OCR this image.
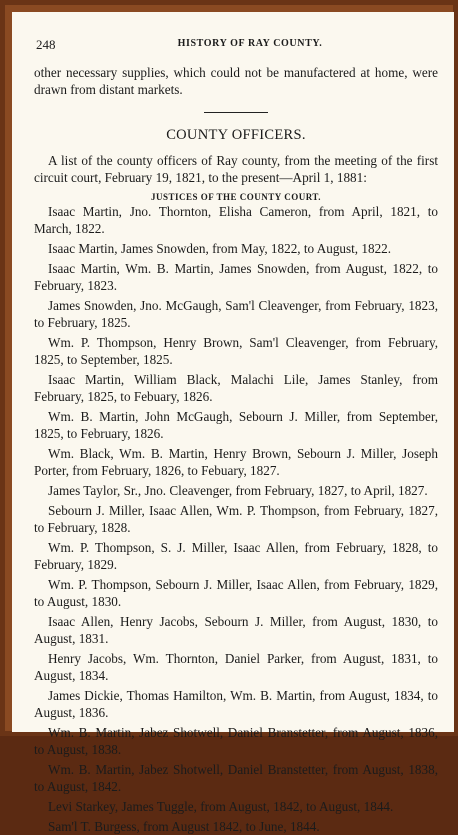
248	HISTORY OF RAY COUNTY.
other necessary supplies, which could not be manufactered at home, were drawn from distant markets.
COUNTY OFFICERS.
A list of the county officers of Ray county, from the meeting of the first circuit court, February 19, 1821, to the present—April 1, 1881:
JUSTICES OF THE COUNTY COURT.

Isaac Martin, Jno. Thornton, Elisha Cameron, from April, 1821, to March, 1822.

Isaac Martin, James Snowden, from May, 1822, to August, 1822.

Isaac Martin, Wm. B. Martin, James Snowden, from August, 1822, to February, 1823.

James Snowden, Jno. McGaugh, Sam'l Cleavenger, from February, 1823, to February, 1825.

Wm. P. Thompson, Henry Brown, Sam'l Cleavenger, from February, 1825, to September, 1825.

Isaac Martin, William Black, Malachi Lile, James Stanley, from February, 1825, to Febuary, 1826.

Wm. B. Martin, John McGaugh, Sebourn J. Miller, from September, 1825, to February, 1826.

Wm. Black, Wm. B. Martin, Henry Brown, Sebourn J. Miller, Joseph Porter, from February, 1826, to Febuary, 1827.

James Taylor, Sr., Jno. Cleavenger, from February, 1827, to April, 1827.

Sebourn J. Miller, Isaac Allen, Wm. P. Thompson, from February, 1827, to February, 1828.

Wm. P. Thompson, S. J. Miller, Isaac Allen, from February, 1828, to February, 1829.

Wm. P. Thompson, Sebourn J. Miller, Isaac Allen, from February, 1829, to August, 1830.

Isaac Allen, Henry Jacobs, Sebourn J. Miller, from August, 1830, to August, 1831.

Henry Jacobs, Wm. Thornton, Daniel Parker, from August, 1831, to August, 1834.

James Dickie, Thomas Hamilton, Wm. B. Martin, from August, 1834, to August, 1836.

Wm. B. Martin, Jabez Shotwell, Daniel Branstetter, from August, 1836, to August, 1838.

Wm. B. Martin, Jabez Shotwell, Daniel Branstetter, from August, 1838, to August, 1842.

Levi Starkey, James Tuggle, from August, 1842, to August, 1844.

Sam'l T. Burgess, from August 1842, to June, 1844.
